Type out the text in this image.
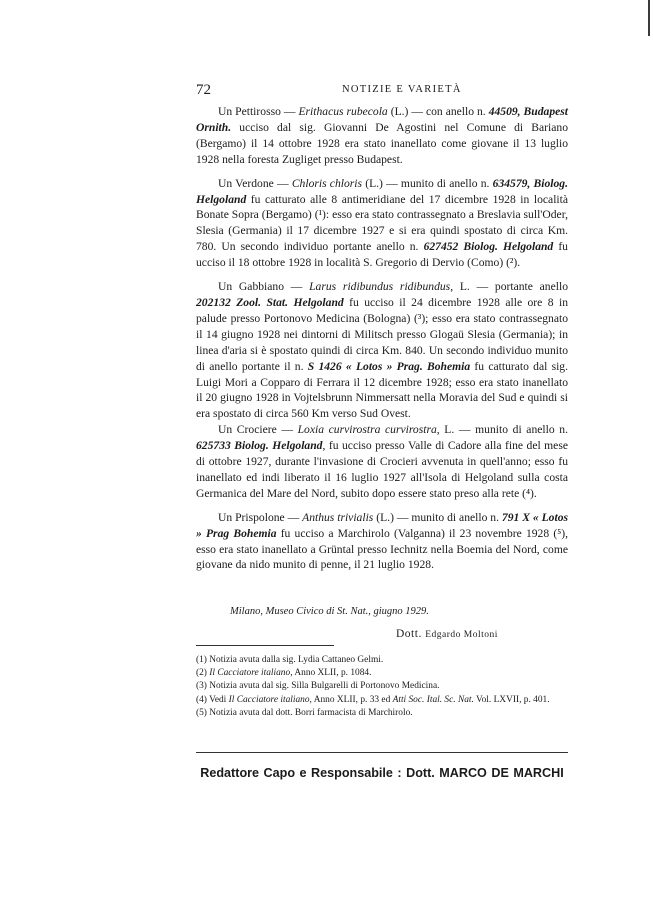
72	NOTIZIE E VARIETÀ

Un Pettirosso — Erithacus rubecola (L.) — con anello n. 44509, Budapest Ornith. ucciso dal sig. Giovanni De Agostini nel Comune di Bariano (Bergamo) il 14 ottobre 1928 era stato inanellato come giovane il 13 luglio 1928 nella foresta Zugliget presso Budapest.

Un Verdone — Chloris chloris (L.) — munito di anello n. 634579, Biolog. Helgoland fu catturato alle 8 antimeridiane del 17 dicembre 1928 in località Bonate Sopra (Bergamo) (¹): esso era stato contrassegnato a Breslavia sull'Oder, Slesia (Germania) il 17 dicembre 1927 e si era quindi spostato di circa Km. 780. Un secondo individuo portante anello n. 627452 Biolog. Helgoland fu ucciso il 18 ottobre 1928 in località S. Gregorio di Dervio (Como) (²).

Un Gabbiano — Larus ridibundus ridibundus, L. — portante anello 202132 Zool. Stat. Helgoland fu ucciso il 24 dicembre 1928 alle ore 8 in palude presso Portonovo Medicina (Bologna) (³); esso era stato contrassegnato il 14 giugno 1928 nei dintorni di Militsch presso Glogaü Slesia (Germania); in linea d'aria si è spostato quindi di circa Km. 840. Un secondo individuo munito di anello portante il n. S 1426 « Lotos » Prag. Bohemia fu catturato dal sig. Luigi Mori a Copparo di Ferrara il 12 dicembre 1928; esso era stato inanellato il 20 giugno 1928 in Vojtelsbrunn Nimmersatt nella Moravia del Sud e quindi si era spostato di circa 560 Km verso Sud Ovest.

Un Crociere — Loxia curvirostra curvirostra, L. — munito di anello n. 625733 Biolog. Helgoland, fu ucciso presso Valle di Cadore alla fine del mese di ottobre 1927, durante l'invasione di Crocieri avvenuta in quell'anno; esso fu inanellato ed indi liberato il 16 luglio 1927 all'Isola di Helgoland sulla costa Germanica del Mare del Nord, subito dopo essere stato preso alla rete (⁴).

Un Prispolone — Anthus trivialis (L.) — munito di anello n. 791 X « Lotos » Prag Bohemia fu ucciso a Marchirolo (Valganna) il 23 novembre 1928 (⁵), esso era stato inanellato a Grüntal presso Iechnitz nella Boemia del Nord, come giovane da nido munito di penne, il 21 luglio 1928.

Milano, Museo Civico di St. Nat., giugno 1929.
Dott. Edgardo Moltoni
(1) Notizia avuta dalla sig. Lydia Cattaneo Gelmi.
(2) Il Cacciatore italiano, Anno XLII, p. 1084.
(3) Notizia avuta dal sig. Silla Bulgarelli di Portonovo Medicina.
(4) Vedi Il Cacciatore italiano, Anno XLII, p. 33 ed Atti Soc. Ital. Sc. Nat. Vol. LXVII, p. 401.
(5) Notizia avuta dal dott. Borri farmacista di Marchirolo.
Redattore Capo e Responsabile : Dott. MARCO DE MARCHI
